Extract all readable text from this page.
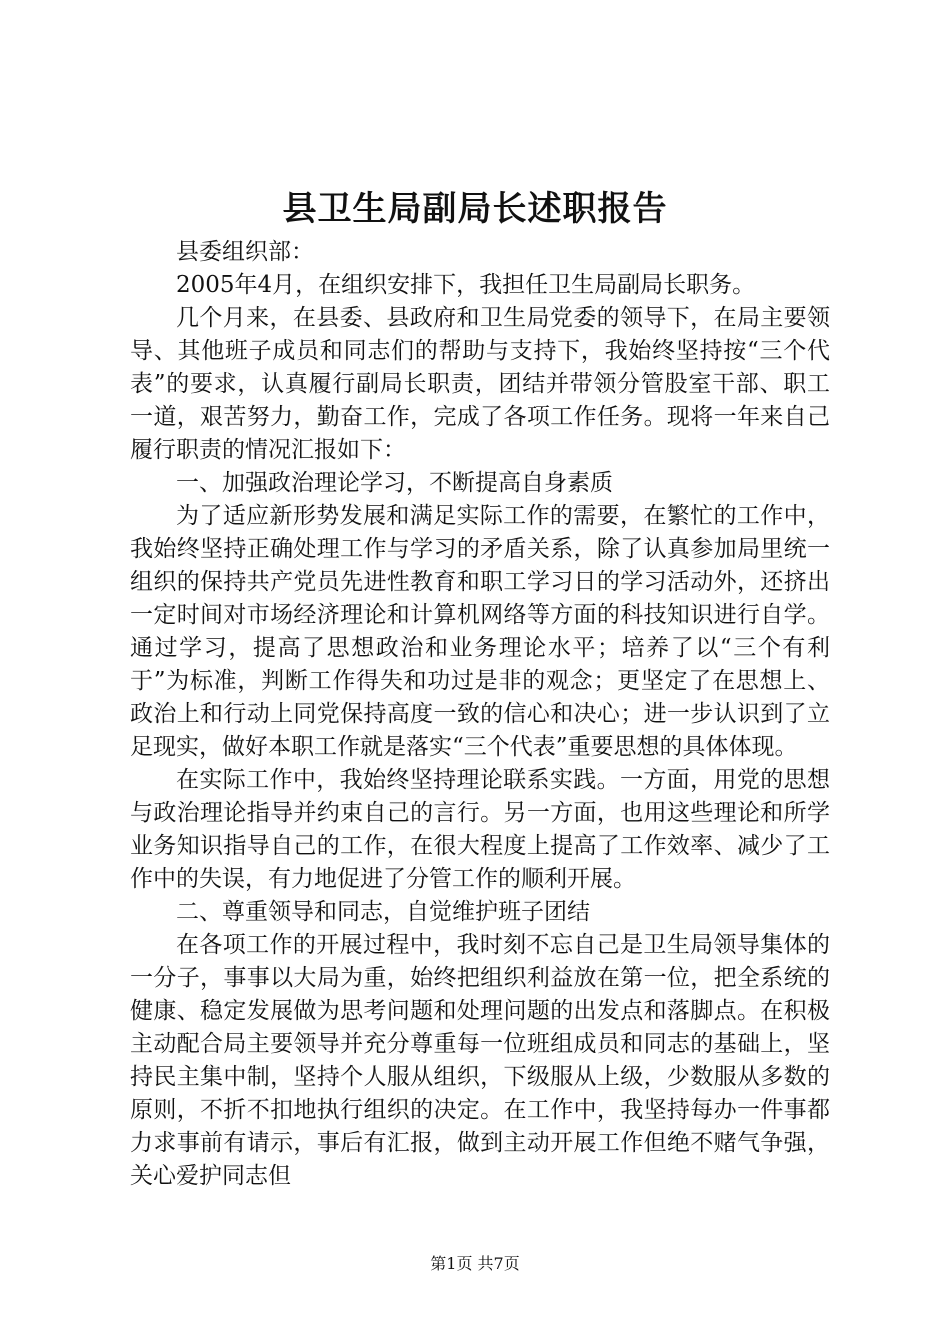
县卫生局副局长述职报告

县委组织部：

2005年4月，在组织安排下，我担任卫生局副局长职务。

几个月来，在县委、县政府和卫生局党委的领导下，在局主要领导、其他班子成员和同志们的帮助与支持下，我始终坚持按“三个代表”的要求，认真履行副局长职责，团结并带领分管股室干部、职工一道，艰苦努力，勤奋工作，完成了各项工作任务。现将一年来自己履行职责的情况汇报如下：

一、加强政治理论学习，不断提高自身素质

为了适应新形势发展和满足实际工作的需要，在繁忙的工作中，我始终坚持正确处理工作与学习的矛盾关系，除了认真参加局里统一组织的保持共产党员先进性教育和职工学习日的学习活动外，还挤出一定时间对市场经济理论和计算机网络等方面的科技知识进行自学。通过学习，提高了思想政治和业务理论水平；培养了以“三个有利于”为标准，判断工作得失和功过是非的观念；更坚定了在思想上、政治上和行动上同党保持高度一致的信心和决心；进一步认识到了立足现实，做好本职工作就是落实“三个代表”重要思想的具体体现。

在实际工作中，我始终坚持理论联系实践。一方面，用党的思想与政治理论指导并约束自己的言行。另一方面，也用这些理论和所学业务知识指导自己的工作，在很大程度上提高了工作效率、减少了工作中的失误，有力地促进了分管工作的顺利开展。

二、尊重领导和同志，自觉维护班子团结

在各项工作的开展过程中，我时刻不忘自己是卫生局领导集体的一分子，事事以大局为重，始终把组织利益放在第一位，把全系统的健康、稳定发展做为思考问题和处理问题的出发点和落脚点。在积极主动配合局主要领导并充分尊重每一位班组成员和同志的基础上，坚持民主集中制，坚持个人服从组织，下级服从上级，少数服从多数的原则，不折不扣地执行组织的决定。在工作中，我坚持每办一件事都力求事前有请示，事后有汇报，做到主动开展工作但绝不赌气争强，关心爱护同志但

第1页 共7页
